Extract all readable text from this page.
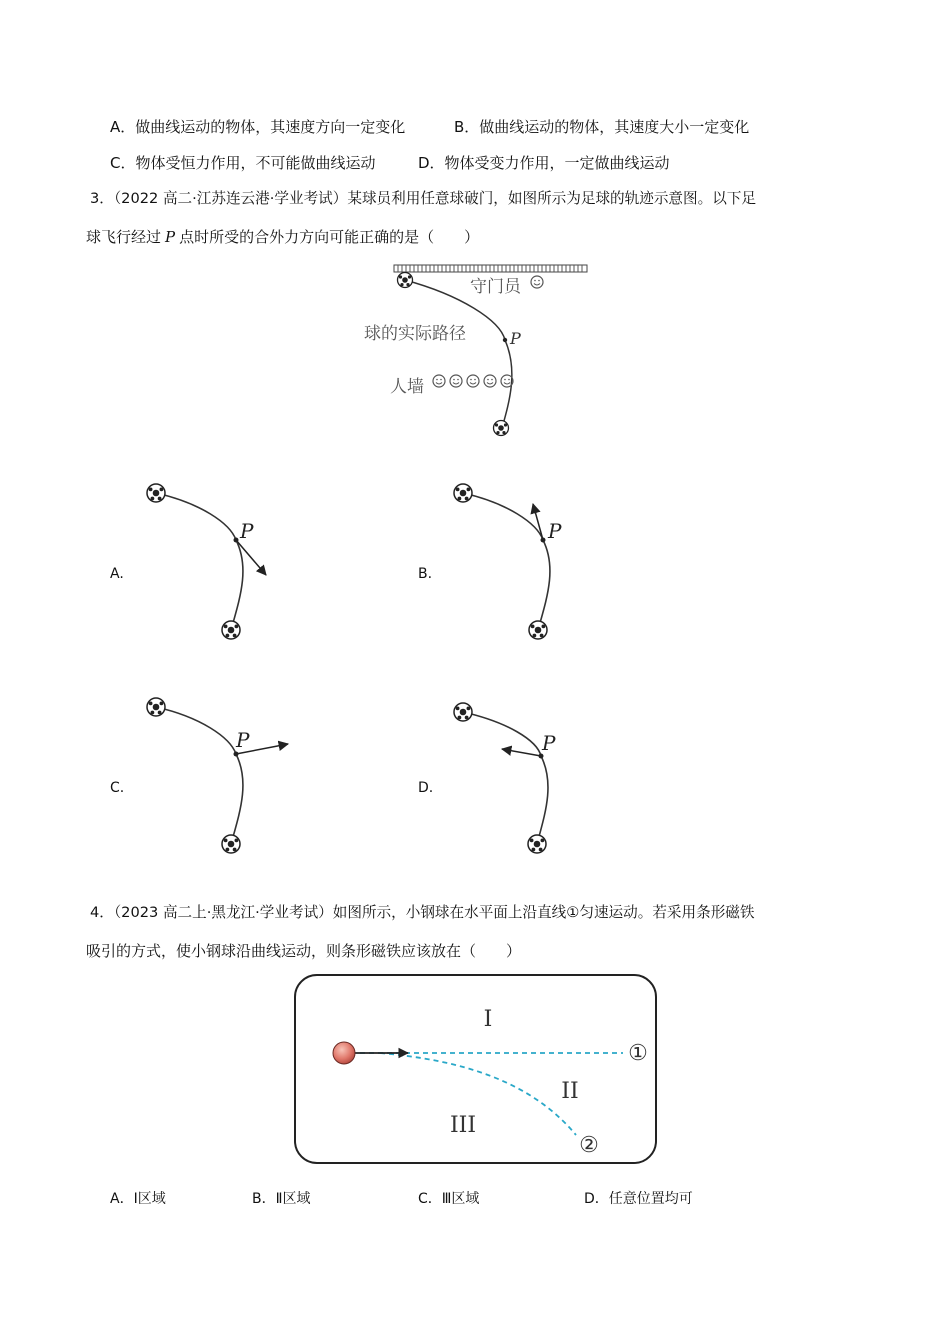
A．做曲线运动的物体，其速度方向一定变化	B．做曲线运动的物体，其速度大小一定变化
C．物体受恒力作用，不可能做曲线运动	D．物体受变力作用，一定做曲线运动
3．（2022 高二·江苏连云港·学业考试）某球员利用任意球破门，如图所示为足球的轨迹示意图。以下足
球飞行经过 P 点时所受的合外力方向可能正确的是（　　）
P
守门员
球的实际路径
人墙
A.
P
B.
P
C.
P
D.
P
4．（2023 高二上·黑龙江·学业考试）如图所示，小钢球在水平面上沿直线①匀速运动。若采用条形磁铁
吸引的方式，使小钢球沿曲线运动，则条形磁铁应该放在（　　）
I
II
III
①
②
A．Ⅰ区域	B．Ⅱ区域	C．Ⅲ区域	D．任意位置均可
